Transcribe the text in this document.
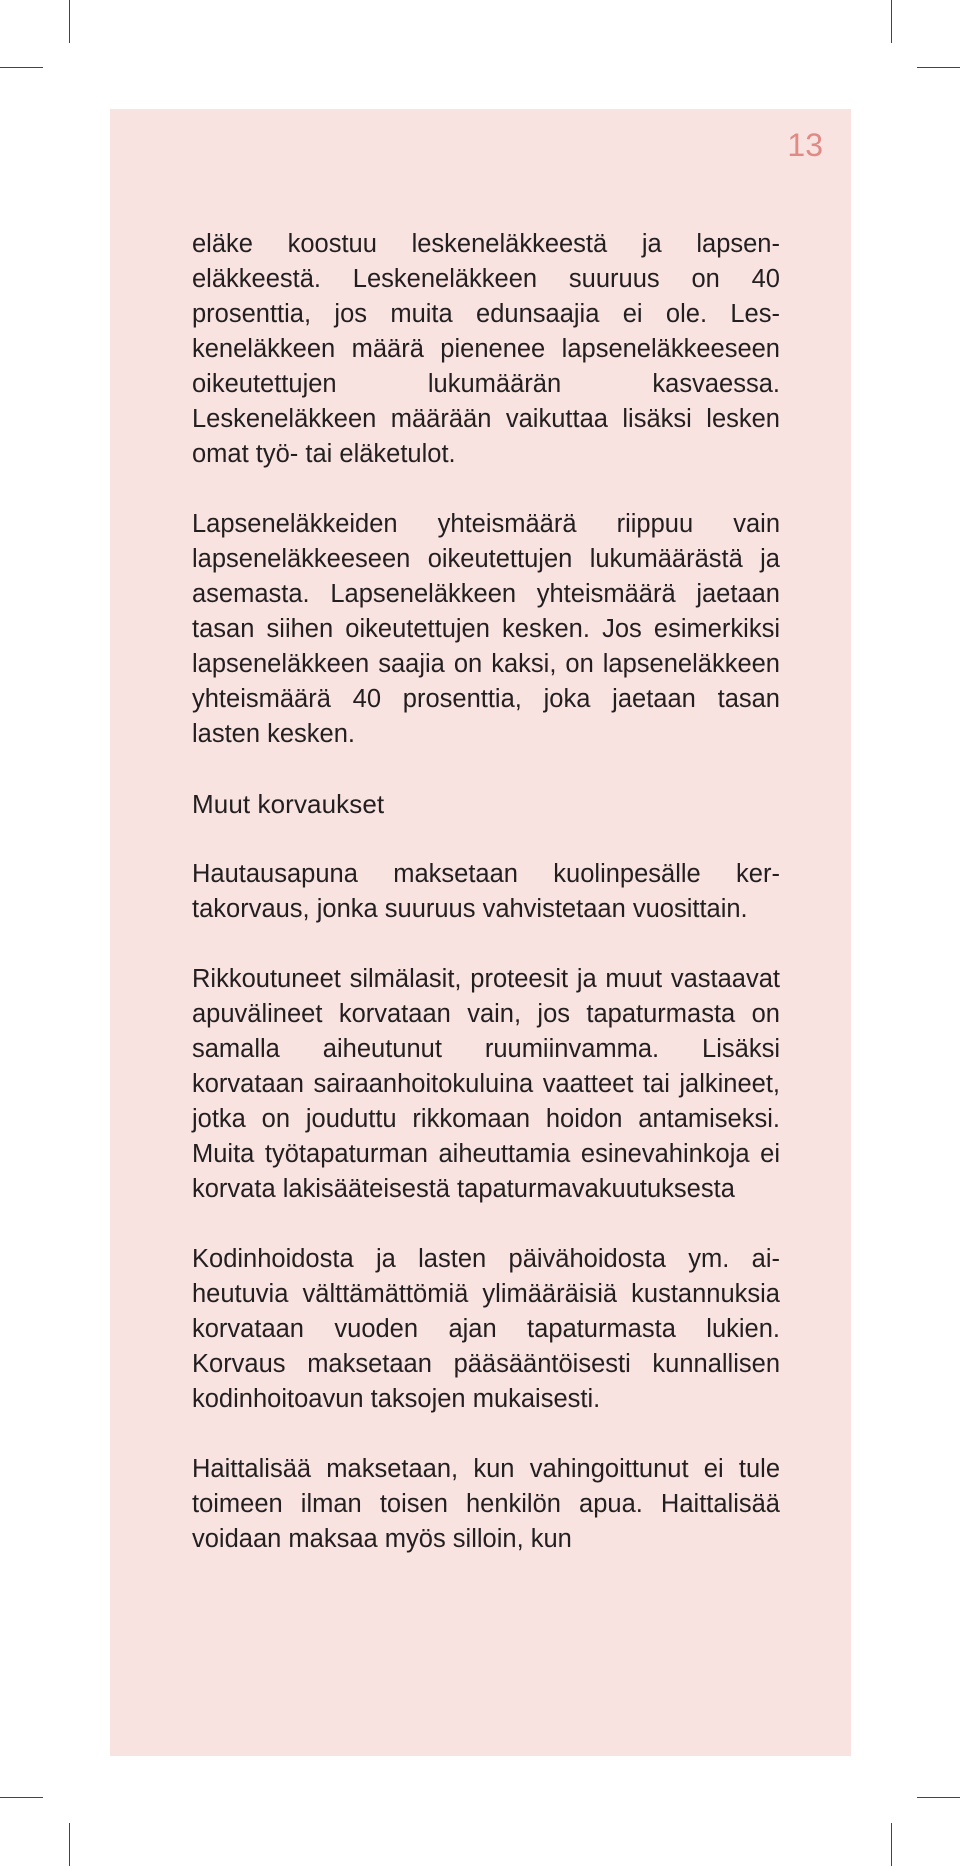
13

eläke koostuu leskeneläkkeestä ja lapseneläkkeestä. Leskeneläkkeen suuruus on 40 prosenttia, jos muita edunsaajia ei ole. Leskeneläkkeen määrä pienenee lapseneläkkeeseen oikeutettujen lukumäärän kasvaessa. Leskeneläkkeen määrään vaikuttaa lisäksi lesken omat työ- tai eläketulot.

Lapseneläkkeiden yhteismäärä riippuu vain lapseneläkkeeseen oikeutettujen lukumäärästä ja asemasta. Lapseneläkkeen yhteismäärä jaetaan tasan siihen oikeutettujen kesken. Jos esimerkiksi lapseneläkkeen saajia on kaksi, on lapseneläkkeen yhteismäärä 40 prosenttia, joka jaetaan tasan lasten kesken.

Muut korvaukset

Hautausapuna maksetaan kuolinpesälle kertakorvaus, jonka suuruus vahvistetaan vuosittain.

Rikkoutuneet silmälasit, proteesit ja muut vastaavat apuvälineet korvataan vain, jos tapaturmasta on samalla aiheutunut ruumiinvamma. Lisäksi korvataan sairaanhoitokuluina vaatteet tai jalkineet, jotka on jouduttu rikkomaan hoidon antamiseksi. Muita työtapaturman aiheuttamia esinevahinkoja ei korvata lakisääteisestä tapaturmavakuutuksesta

Kodinhoidosta ja lasten päivähoidosta ym. aiheutuvia välttämättömiä ylimääräisiä kustannuksia korvataan vuoden ajan tapaturmasta lukien. Korvaus maksetaan pääsääntöisesti kunnallisen kodinhoitoavun taksojen mukaisesti.

Haittalisää maksetaan, kun vahingoittunut ei tule toimeen ilman toisen henkilön apua. Haittalisää voidaan maksaa myös silloin, kun
